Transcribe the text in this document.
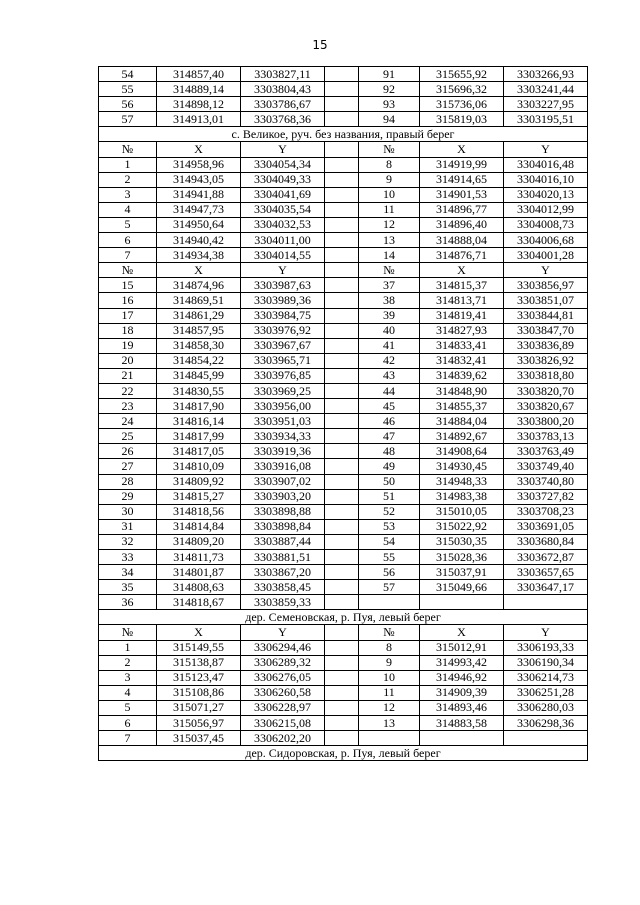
15
54	314857,40	3303827,11		91	315655,92	3303266,93
55	314889,14	3303804,43		92	315696,32	3303241,44
56	314898,12	3303786,67		93	315736,06	3303227,95
57	314913,01	3303768,36		94	315819,03	3303195,51
с. Великое, руч. без названия, правый берег						
№	X	Y		№	X	Y
1	314958,96	3304054,34		8	314919,99	3304016,48
2	314943,05	3304049,33		9	314914,65	3304016,10
3	314941,88	3304041,69		10	314901,53	3304020,13
4	314947,73	3304035,54		11	314896,77	3304012,99
5	314950,64	3304032,53		12	314896,40	3304008,73
6	314940,42	3304011,00		13	314888,04	3304006,68
7	314934,38	3304014,55		14	314876,71	3304001,28
№	X	Y		№	X	Y
15	314874,96	3303987,63		37	314815,37	3303856,97
16	314869,51	3303989,36		38	314813,71	3303851,07
17	314861,29	3303984,75		39	314819,41	3303844,81
18	314857,95	3303976,92		40	314827,93	3303847,70
19	314858,30	3303967,67		41	314833,41	3303836,89
20	314854,22	3303965,71		42	314832,41	3303826,92
21	314845,99	3303976,85		43	314839,62	3303818,80
22	314830,55	3303969,25		44	314848,90	3303820,70
23	314817,90	3303956,00		45	314855,37	3303820,67
24	314816,14	3303951,03		46	314884,04	3303800,20
25	314817,99	3303934,33		47	314892,67	3303783,13
26	314817,05	3303919,36		48	314908,64	3303763,49
27	314810,09	3303916,08		49	314930,45	3303749,40
28	314809,92	3303907,02		50	314948,33	3303740,80
29	314815,27	3303903,20		51	314983,38	3303727,82
30	314818,56	3303898,88		52	315010,05	3303708,23
31	314814,84	3303898,84		53	315022,92	3303691,05
32	314809,20	3303887,44		54	315030,35	3303680,84
33	314811,73	3303881,51		55	315028,36	3303672,87
34	314801,87	3303867,20		56	315037,91	3303657,65
35	314808,63	3303858,45		57	315049,66	3303647,17
36	314818,67	3303859,33				
дер. Семеновская, р. Пуя, левый берег						
№	X	Y		№	X	Y
1	315149,55	3306294,46		8	315012,91	3306193,33
2	315138,87	3306289,32		9	314993,42	3306190,34
3	315123,47	3306276,05		10	314946,92	3306214,73
4	315108,86	3306260,58		11	314909,39	3306251,28
5	315071,27	3306228,97		12	314893,46	3306280,03
6	315056,97	3306215,08		13	314883,58	3306298,36
7	315037,45	3306202,20				
дер. Сидоровская, р. Пуя, левый берег						
